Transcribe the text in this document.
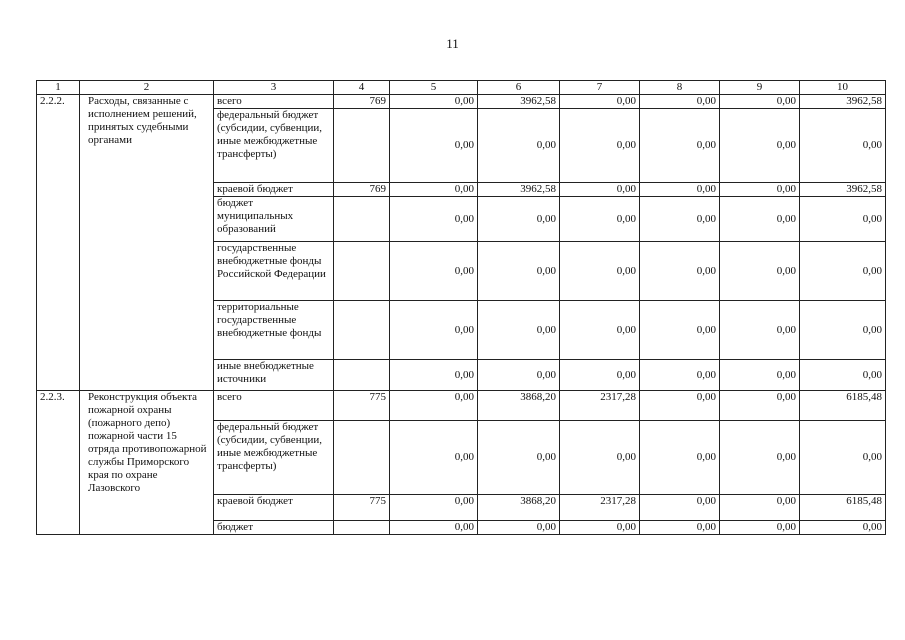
11
1	2	3	4	5	6	7	8	9	10
2.2.2.	Расходы, связанные с исполнением решений, принятых судебными органами	всего	769	0,00	3962,58	0,00	0,00	0,00	3962,58
		федеральный бюджет (субсидии, субвенции, иные межбюджетные трансферты)		0,00	0,00	0,00	0,00	0,00	0,00
		краевой бюджет	769	0,00	3962,58	0,00	0,00	0,00	3962,58
		бюджет муниципальных образований		0,00	0,00	0,00	0,00	0,00	0,00
		государственные внебюджетные фонды Российской Федерации		0,00	0,00	0,00	0,00	0,00	0,00
		территориальные государственные внебюджетные фонды		0,00	0,00	0,00	0,00	0,00	0,00
		иные внебюджетные источники		0,00	0,00	0,00	0,00	0,00	0,00
2.2.3.	Реконструкция объекта пожарной охраны (пожарного депо) пожарной части 15 отряда противопожарной службы Приморского края по охране Лазовского	всего	775	0,00	3868,20	2317,28	0,00	0,00	6185,48
		федеральный бюджет (субсидии, субвенции, иные межбюджетные трансферты)		0,00	0,00	0,00	0,00	0,00	0,00
		краевой бюджет	775	0,00	3868,20	2317,28	0,00	0,00	6185,48
		бюджет		0,00	0,00	0,00	0,00	0,00	0,00
